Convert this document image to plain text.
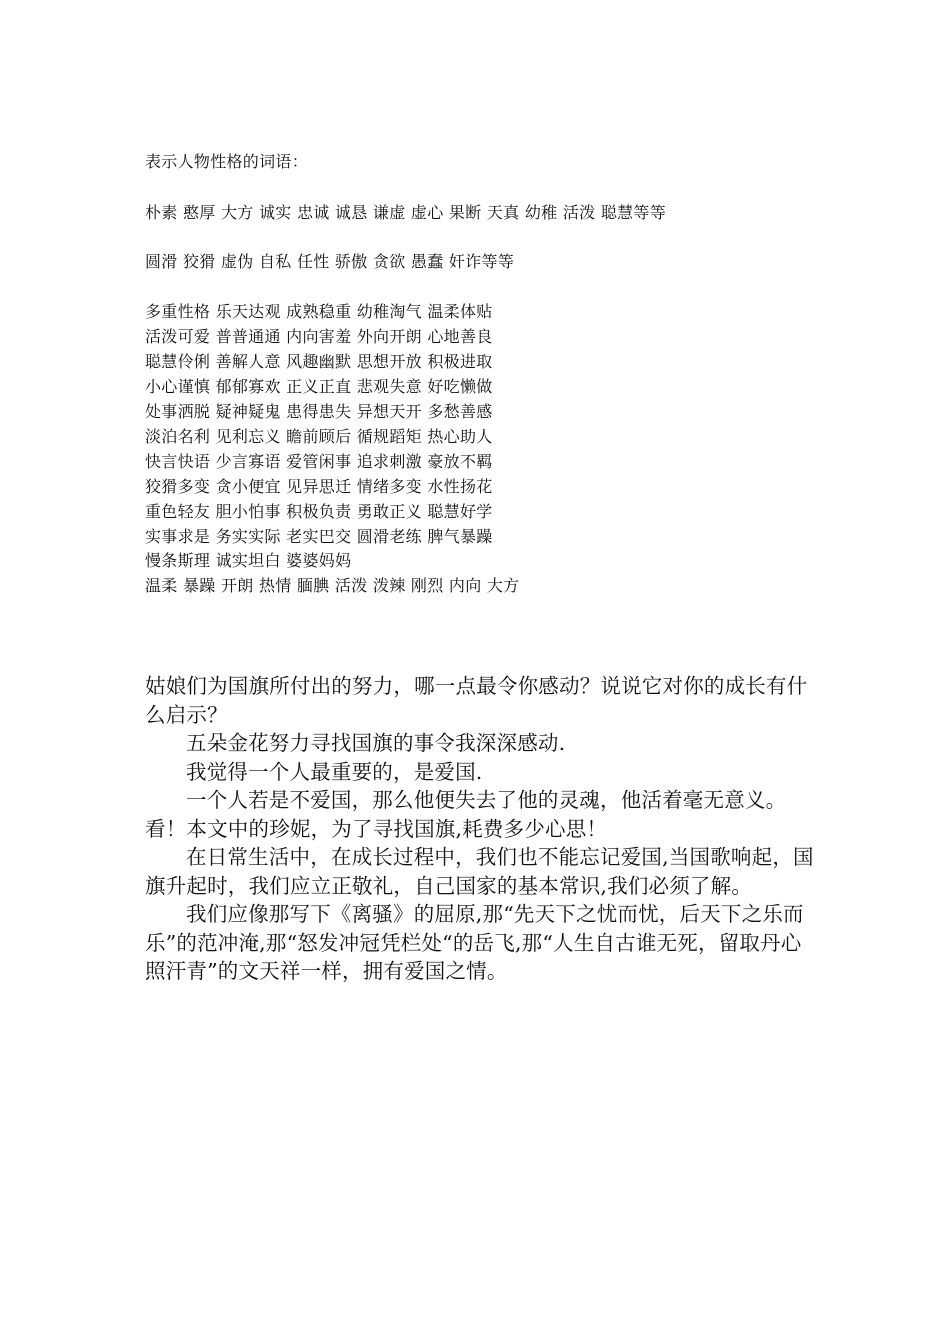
表示人物性格的词语：
朴素 憨厚 大方 诚实 忠诚 诚恳 谦虚 虚心 果断 天真 幼稚 活泼 聪慧等等
圆滑 狡猾 虚伪 自私 任性 骄傲 贪欲 愚蠢 奸诈等等
多重性格 乐天达观 成熟稳重 幼稚淘气 温柔体贴
活泼可爱 普普通通 内向害羞 外向开朗 心地善良
聪慧伶俐 善解人意 风趣幽默 思想开放 积极进取
小心谨慎 郁郁寡欢 正义正直 悲观失意 好吃懒做
处事洒脱 疑神疑鬼 患得患失 异想天开 多愁善感
淡泊名利 见利忘义 瞻前顾后 循规蹈矩 热心助人
快言快语 少言寡语 爱管闲事 追求刺激 豪放不羁
狡猾多变 贪小便宜 见异思迁 情绪多变 水性扬花
重色轻友 胆小怕事 积极负责 勇敢正义 聪慧好学
实事求是 务实实际 老实巴交 圆滑老练 脾气暴躁
慢条斯理 诚实坦白 婆婆妈妈
温柔 暴躁 开朗 热情 腼腆 活泼 泼辣 刚烈 内向 大方

姑娘们为国旗所付出的努力，哪一点最令你感动？说说它对你的成长有什么启示？

五朵金花努力寻找国旗的事令我深深感动.

我觉得一个人最重要的，是爱国.

一个人若是不爱国，那么他便失去了他的灵魂，他活着毫无意义。看！本文中的珍妮，为了寻找国旗,耗费多少心思！

在日常生活中，在成长过程中，我们也不能忘记爱国,当国歌响起，国旗升起时，我们应立正敬礼，自己国家的基本常识,我们必须了解。

我们应像那写下《离骚》的屈原,那“先天下之忧而忧，后天下之乐而乐”的范冲淹,那“怒发冲冠凭栏处“的岳飞,那“人生自古谁无死，留取丹心照汗青”的文天祥一样，拥有爱国之情。
